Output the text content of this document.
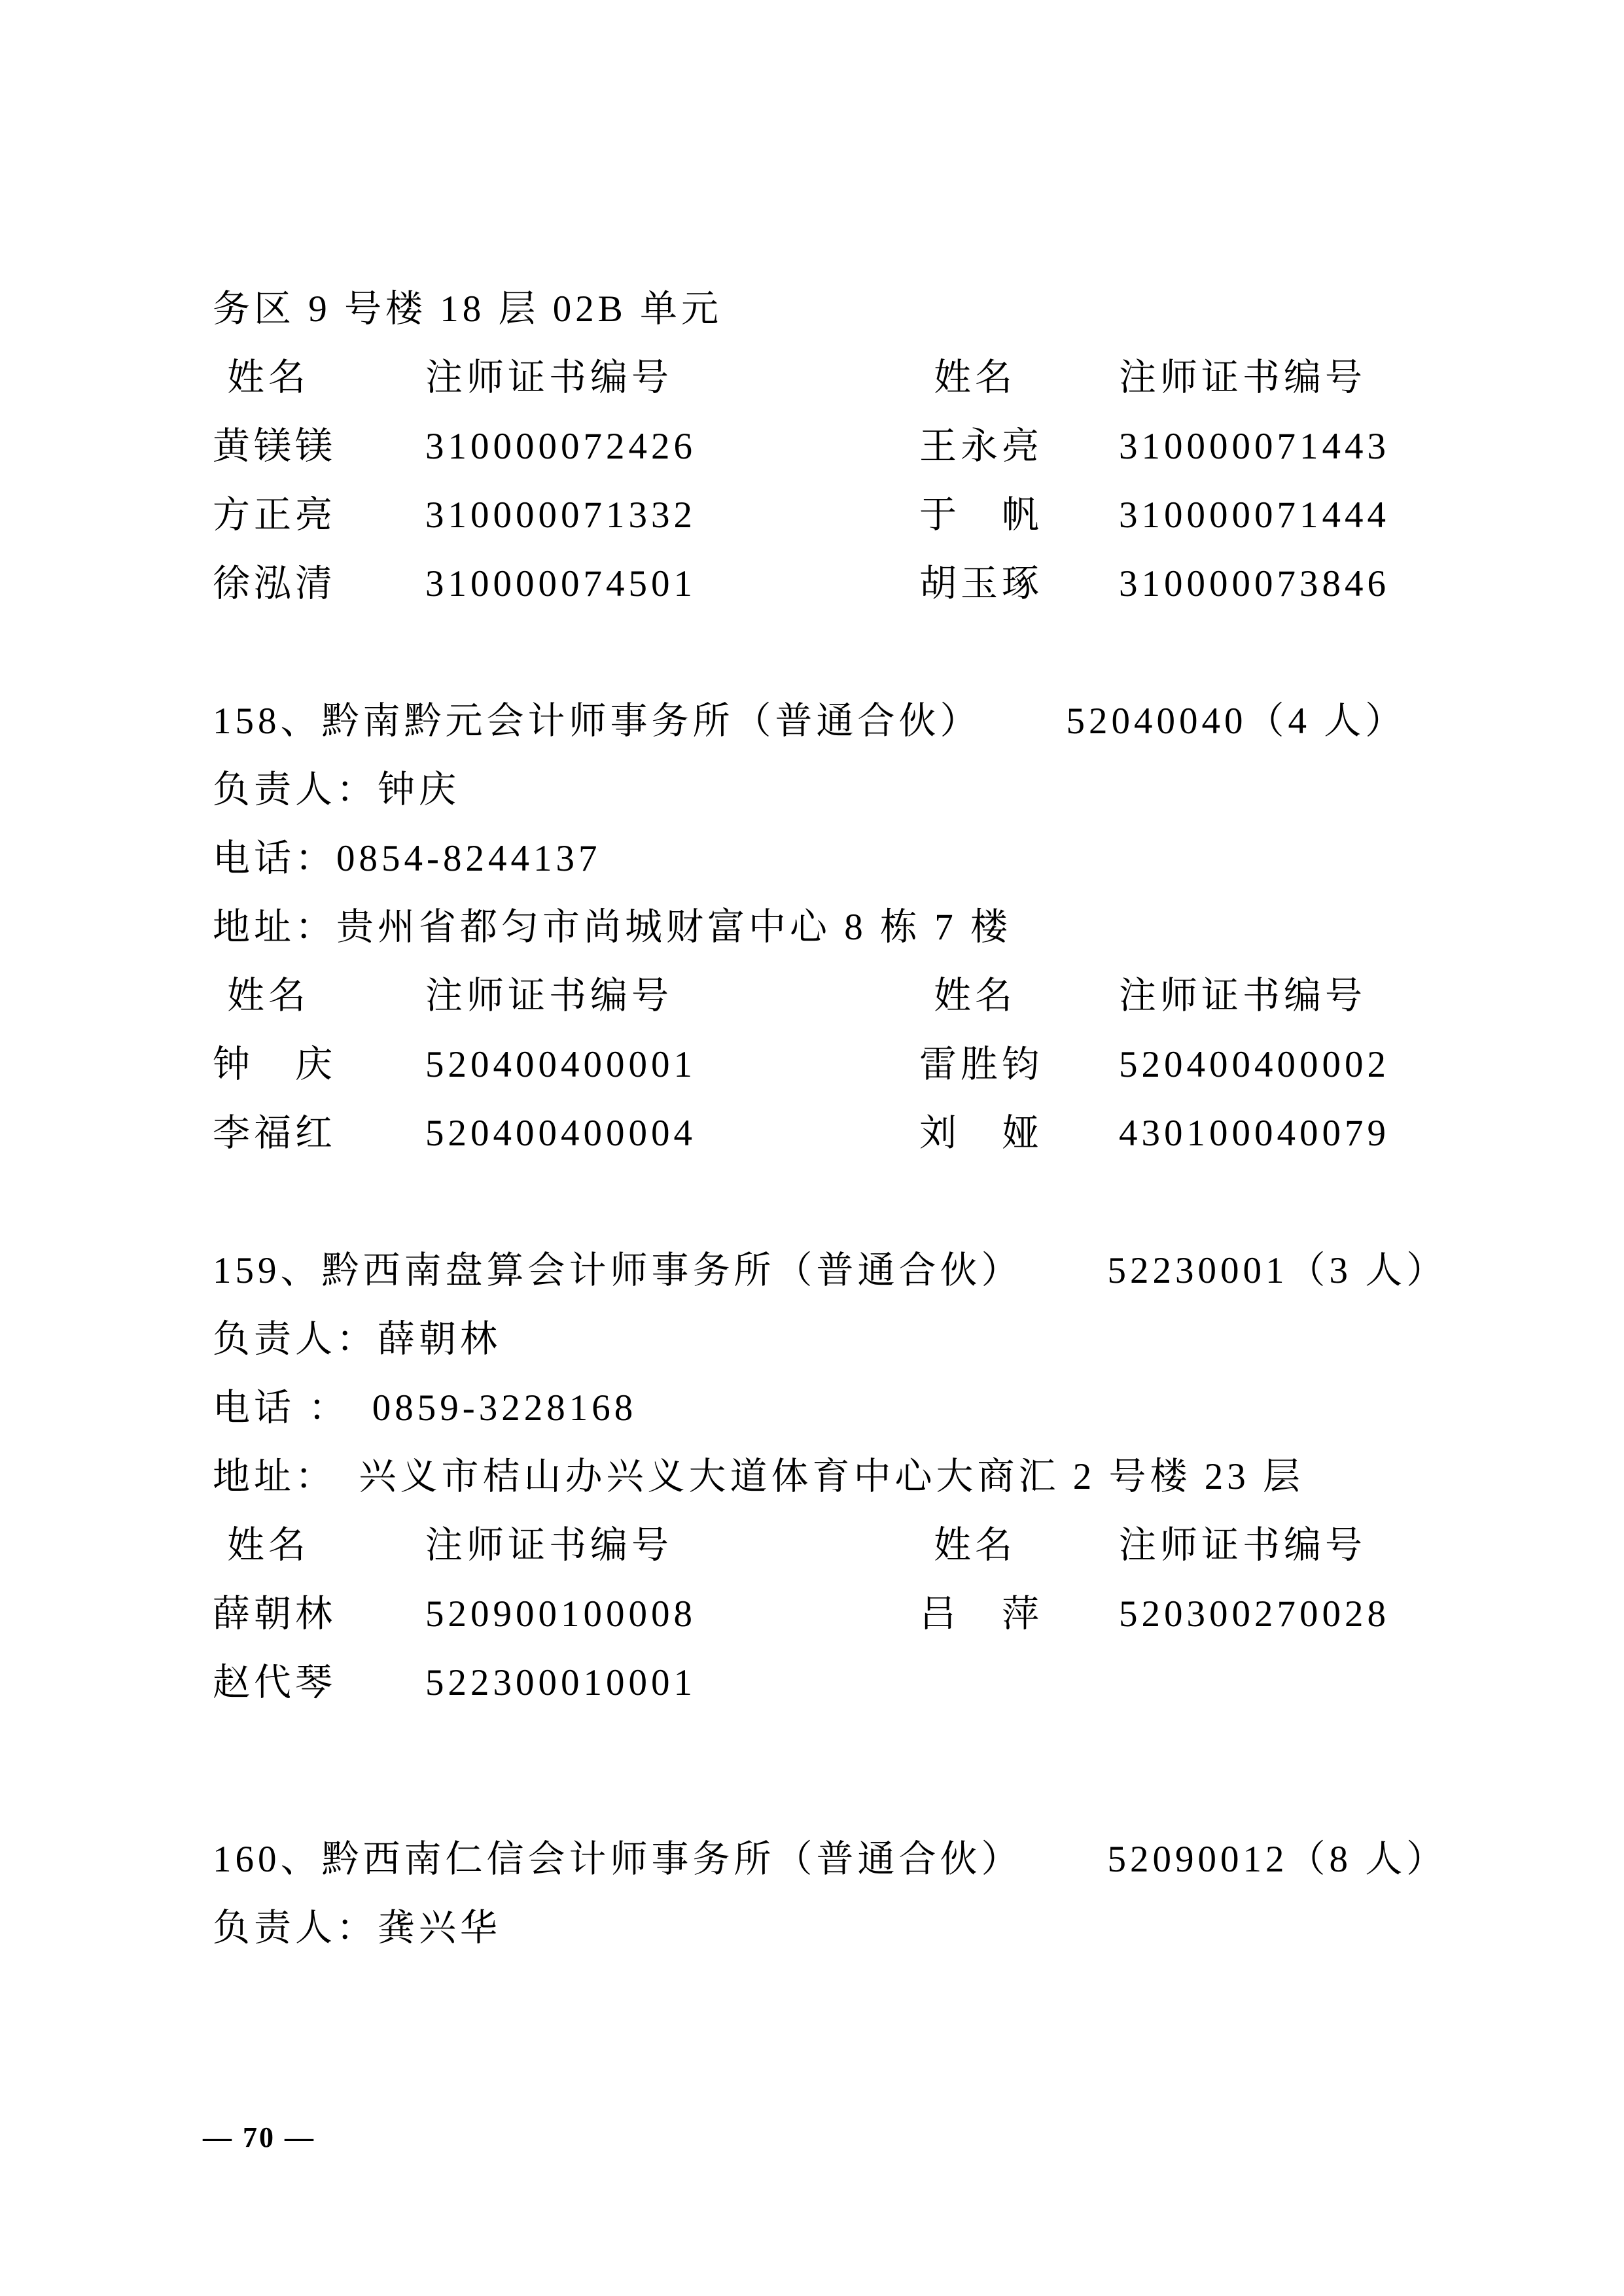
务区 9 号楼 18 层 02B 单元
姓名	注师证书编号	姓名	注师证书编号
黄镁镁	310000072426	王永亮	310000071443
方正亮	310000071332	于　帆	310000071444
徐泓清	310000074501	胡玉琢	310000073846
158、黔南黔元会计师事务所（普通合伙） 52040040（4 人）
负责人：钟庆
电话：0854-8244137
地址：贵州省都匀市尚城财富中心 8 栋 7 楼
姓名	注师证书编号	姓名	注师证书编号
钟　庆	520400400001	雷胜钧	520400400002
李福红	520400400004	刘　娅	430100040079
159、黔西南盘算会计师事务所（普通合伙） 52230001（3 人）
负责人：薛朝林
电话 ：　0859-3228168
地址：　兴义市桔山办兴义大道体育中心大商汇 2 号楼 23 层
姓名	注师证书编号	姓名	注师证书编号
薛朝林	520900100008	吕　萍	520300270028
赵代琴	522300010001
160、黔西南仁信会计师事务所（普通合伙） 52090012（8 人）
负责人：龚兴华
— 70 —
